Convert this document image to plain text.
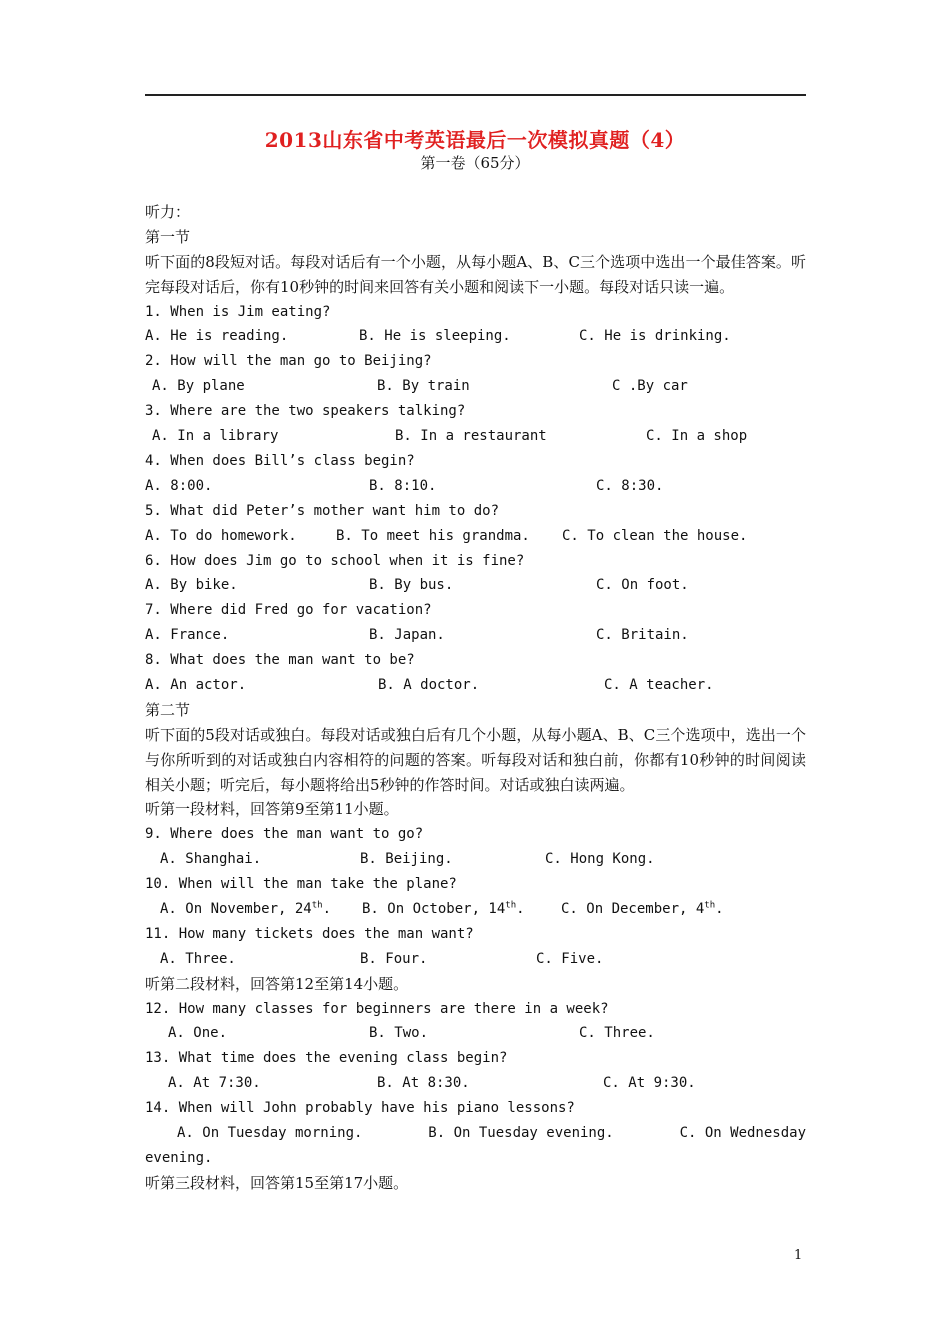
2013山东省中考英语最后一次模拟真题（4）
第一卷（65分）
听力：
第一节
听下面的8段短对话。每段对话后有一个小题，从每小题A、B、C三个选项中选出一个最佳答案。听完每段对话后，你有10秒钟的时间来回答有关小题和阅读下一小题。每段对话只读一遍。
1. When is Jim eating?
A. He is reading.	B. He is sleeping.	C. He is drinking.
2. How will the man go to Beijing?
A. By plane	B. By train	C .By car
3. Where are the two speakers talking?
A. In a library	B. In a restaurant	C. In a shop
4. When does Bill’s class begin?
A. 8:00.	B. 8:10.	C. 8:30.
5. What did Peter’s mother want him to do?
A. To do homework.	B. To meet his grandma.	C. To clean the house.
6. How does Jim go to school when it is fine?
A. By bike.	B. By bus.	C. On foot.
7. Where did Fred go for vacation?
A. France.	B. Japan.	C. Britain.
8. What does the man want to be?
A. An actor.	B. A doctor.	C. A teacher.
第二节
听下面的5段对话或独白。每段对话或独白后有几个小题，从每小题A、B、C三个选项中，选出一个与你所听到的对话或独白内容相符的问题的答案。听每段对话和独白前，你都有10秒钟的时间阅读相关小题；听完后，每小题将给出5秒钟的作答时间。对话或独白读两遍。
听第一段材料，回答第9至第11小题。
9. Where does the man want to go?
A. Shanghai.	B. Beijing.	C. Hong Kong.
10. When will the man take the plane?
A. On November, 24th.	B. On October, 14th.	C. On December, 4th.
11. How many tickets does the man want?
A. Three.	B. Four.	C. Five.
听第二段材料，回答第12至第14小题。
12. How many classes for beginners are there in a week?
A. One.	B. Two.	C. Three.
13. What time does the evening class begin?
A. At 7:30.	B. At 8:30.	C. At 9:30.
14. When will John probably have his piano lessons?
A. On Tuesday morning.	B. On Tuesday evening.	C. On Wednesday
evening.
听第三段材料，回答第15至第17小题。
1
